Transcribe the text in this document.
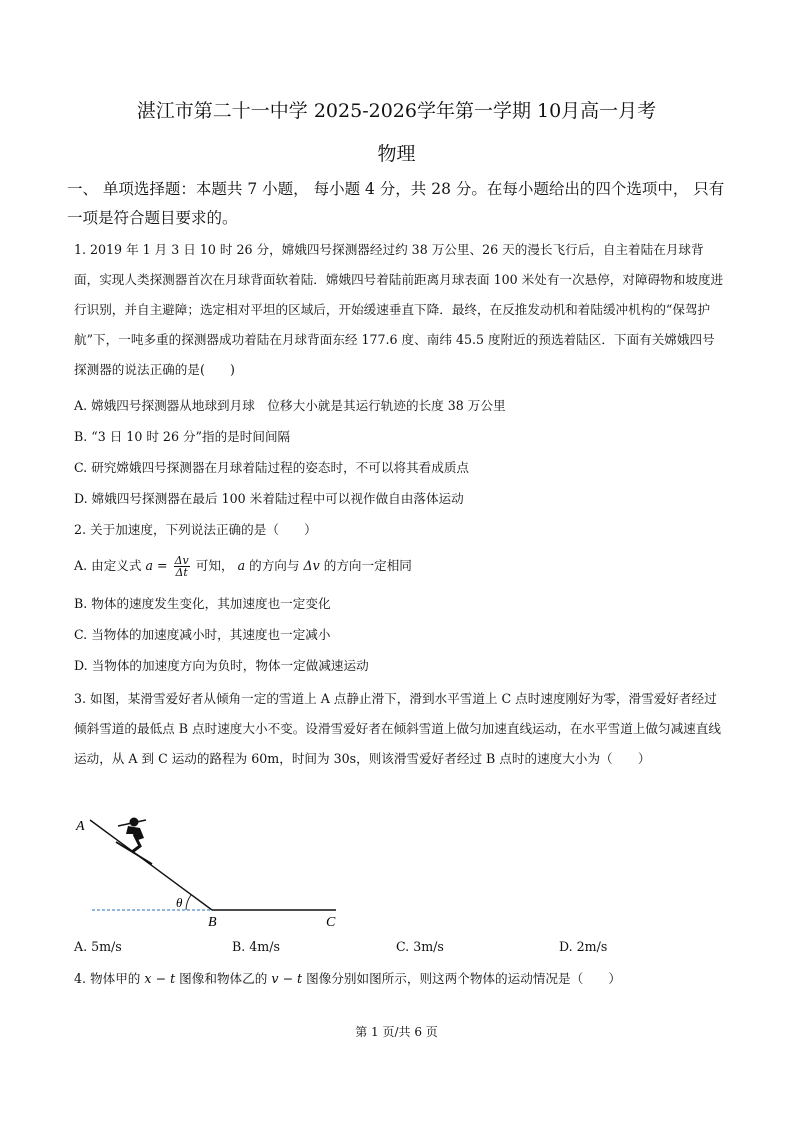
湛江市第二十一中学 2025-2026学年第一学期 10月高一月考
物理
一、 单项选择题：本题共 7 小题， 每小题 4 分，共 28 分。在每小题给出的四个选项中， 只有一项是符合题目要求的。
1. 2019 年 1 月 3 日 10 时 26 分，嫦娥四号探测器经过约 38 万公里、26 天的漫长飞行后，自主着陆在月球背面，实现人类探测器首次在月球背面软着陆．嫦娥四号着陆前距离月球表面 100 米处有一次悬停，对障碍物和坡度进行识别，并自主避障；选定相对平坦的区域后，开始缓速垂直下降．最终，在反推发动机和着陆缓冲机构的“保驾护航”下，一吨多重的探测器成功着陆在月球背面东经 177.6 度、南纬 45.5 度附近的预选着陆区．下面有关嫦娥四号探测器的说法正确的是(　　)
A. 嫦娥四号探测器从地球到月球　位移大小就是其运行轨迹的长度 38 万公里
B. “3 日 10 时 26 分”指的是时间间隔
C. 研究嫦娥四号探测器在月球着陆过程的姿态时，不可以将其看成质点
D. 嫦娥四号探测器在最后 100 米着陆过程中可以视作做自由落体运动
2. 关于加速度，下列说法正确的是（　　）
A. 由定义式 $a = \frac{\Delta v}{\Delta t}$ 可知， a 的方向与 Δv 的方向一定相同
B. 物体的速度发生变化，其加速度也一定变化
C. 当物体的加速度减小时，其速度也一定减小
D. 当物体的加速度方向为负时，物体一定做减速运动
3. 如图，某滑雪爱好者从倾角一定的雪道上 A 点静止滑下，滑到水平雪道上 C 点时速度刚好为零，滑雪爱好者经过倾斜雪道的最低点 B 点时速度大小不变。设滑雪爱好者在倾斜雪道上做匀加速直线运动，在水平雪道上做匀减速直线运动，从 A 到 C 运动的路程为 60m，时间为 30s，则该滑雪爱好者经过 B 点时的速度大小为（　　）
A
B	C
θ
A. 5m/s	B. 4m/s	C. 3m/s	D. 2m/s
4. 物体甲的 x − t 图像和物体乙的 v − t 图像分别如图所示，则这两个物体的运动情况是（　　）
第 1 页/共 6 页
